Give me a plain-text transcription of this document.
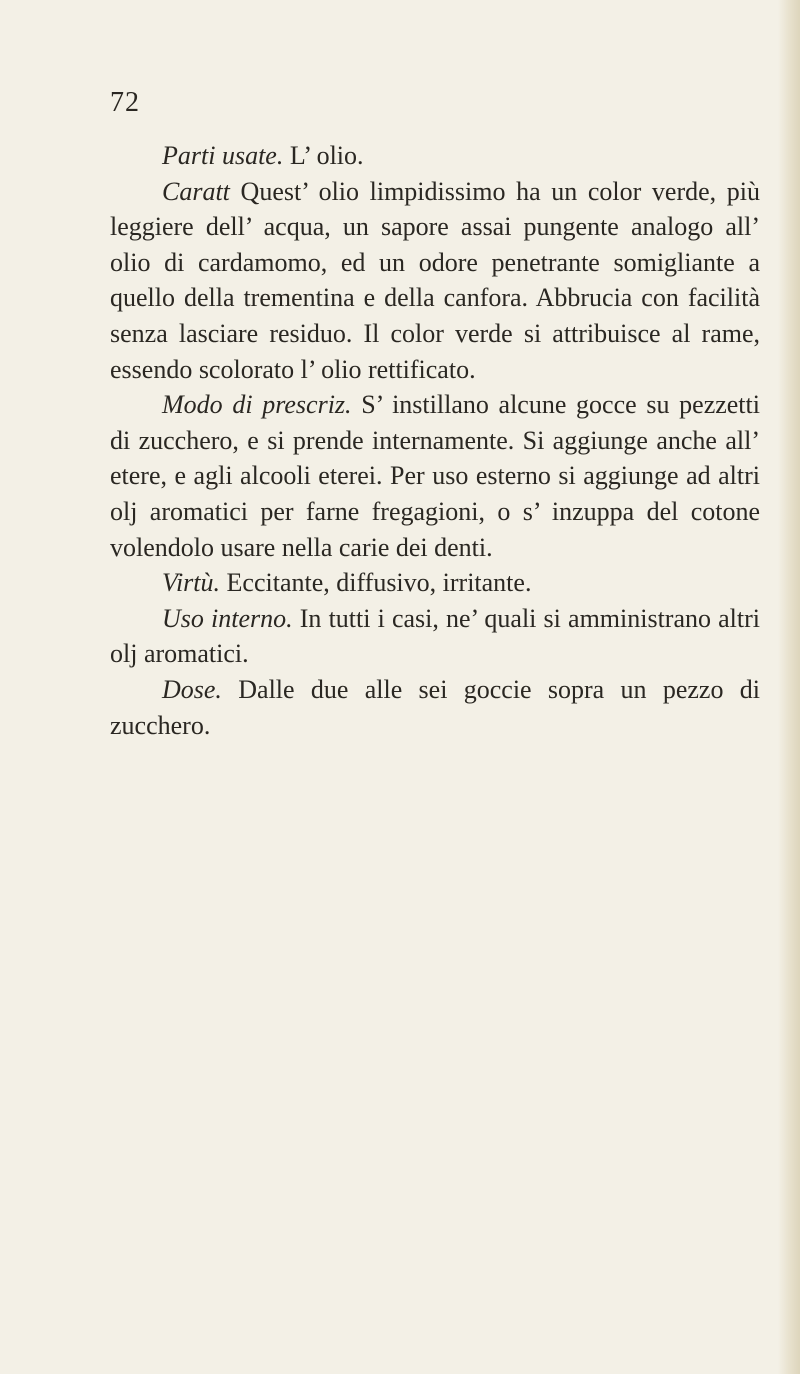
72

Parti usate. L’ olio.

Caratt Quest’ olio limpidissimo ha un color verde, più leggiere dell’ acqua, un sapore assai pungente analogo all’ olio di cardamomo, ed un odore penetrante somigliante a quello della trementina e della canfora. Abbrucia con facilità senza lasciare residuo. Il color verde si attribuisce al rame, essendo scolorato l’ olio rettificato.

Modo di prescriz. S’ instillano alcune gocce su pezzetti di zucchero, e si prende internamente. Si aggiunge anche all’ etere, e agli alcooli eterei. Per uso esterno si aggiunge ad altri olj aromatici per farne fregagioni, o s’ inzuppa del cotone volendolo usare nella carie dei denti.

Virtù. Eccitante, diffusivo, irritante.

Uso interno. In tutti i casi, ne’ quali si amministrano altri olj aromatici.

Dose. Dalle due alle sei goccie sopra un pezzo di zucchero.
